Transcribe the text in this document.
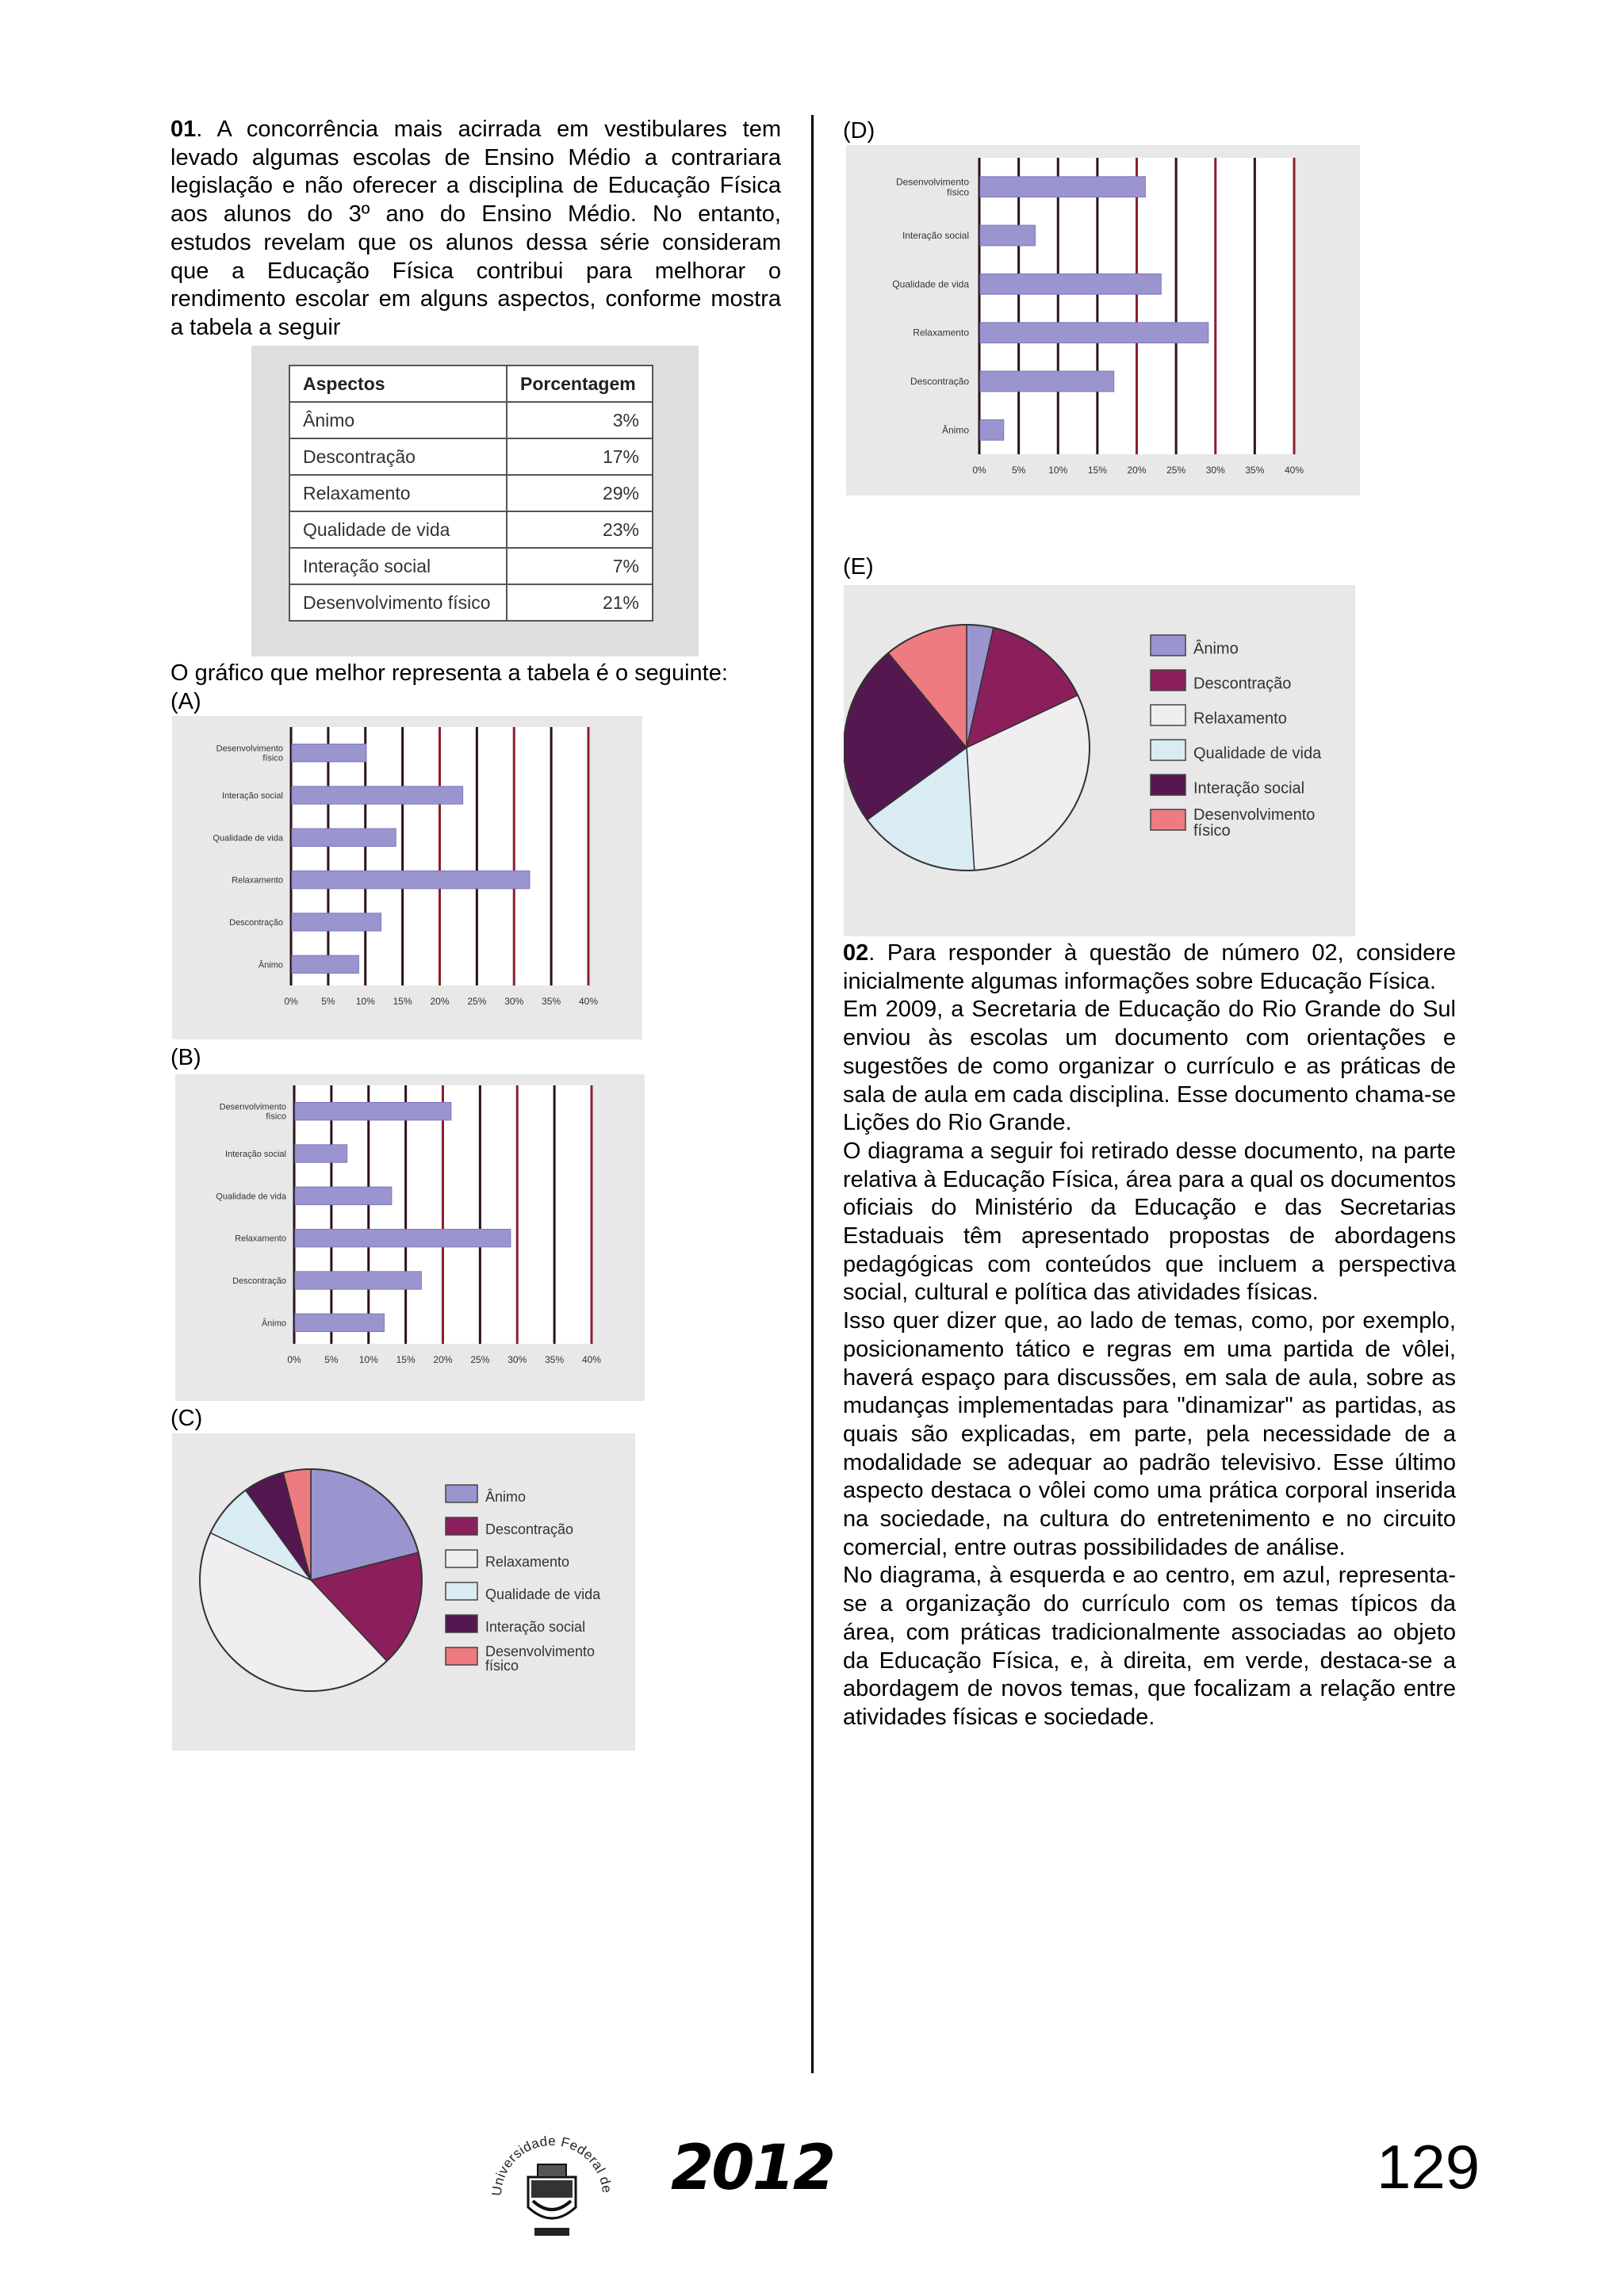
01. A concorrência mais acirrada em vestibulares tem levado algumas escolas de Ensino Médio a contrariara legislação e não oferecer a disciplina de Educação Física aos alunos do 3º ano do Ensino Médio. No entanto, estudos revelam que os alunos dessa série consideram que a Educação Física contribui para melhorar o rendimento escolar em alguns aspectos, conforme mostra a tabela a seguir

Aspectos	Porcentagem
Ânimo	3%
Descontração	17%
Relaxamento	29%
Qualidade de vida	23%
Interação social	7%
Desenvolvimento físico	21%
O gráfico que melhor representa a tabela é o seguinte:
(A)
0% 5% 10% 15% 20% 25% 30% 35% 40%
Desenvolvimento
físico
Interação social
Qualidade de vida
Relaxamento
Descontração
Ânimo
(B)
0% 5% 10% 15% 20% 25% 30% 35% 40%
Desenvolvimento
físico
Interação social
Qualidade de vida
Relaxamento
Descontração
Ânimo
(C)
Ânimo
Descontração
Relaxamento
Qualidade de vida
Interação social
Desenvolvimento
físico
(D)
0%	5% 10% 15% 20% 25% 30% 35% 40%
Desenvolvimento
físico
Interação social
Qualidade de vida
Relaxamento
Descontração
Ânimo
(E)
Ânimo
Descontração
Relaxamento
Qualidade de vida
Interação social
Desenvolvimento
físico

02. Para responder à questão de número 02, considere inicialmente algumas informações sobre Educação Física.

Em 2009, a Secretaria de Educação do Rio Grande do Sul enviou às escolas um documento com orientações e sugestões de como organizar o currículo e as práticas de sala de aula em cada disciplina. Esse documento chama-se Lições do Rio Grande.

O diagrama a seguir foi retirado desse documento, na parte relativa à Educação Física, área para a qual os documentos oficiais do Ministério da Educação e das Secretarias Estaduais têm apresentado propostas de abordagens pedagógicas com conteúdos que incluem a perspectiva social, cultural e política das atividades físicas.

Isso quer dizer que, ao lado de temas, como, por exemplo, posicionamento tático e regras em uma partida de vôlei, haverá espaço para discussões, em sala de aula, sobre as mudanças implementadas para "dinamizar" as partidas, as quais são explicadas, em parte, pela necessidade de a modalidade se adequar ao padrão televisivo. Esse último aspecto destaca o vôlei como uma prática corporal inserida na sociedade, na cultura do entretenimento e no circuito comercial, entre outras possibilidades de análise.

No diagrama, à esquerda e ao centro, em azul, representa-se a organização do currículo com os temas típicos da área, com práticas tradicionalmente associadas ao objeto da Educação Física, e, à direita, em verde, destaca-se a abordagem de novos temas, que focalizam a relação entre atividades físicas e sociedade.

Universidade Federal de 2012	129
